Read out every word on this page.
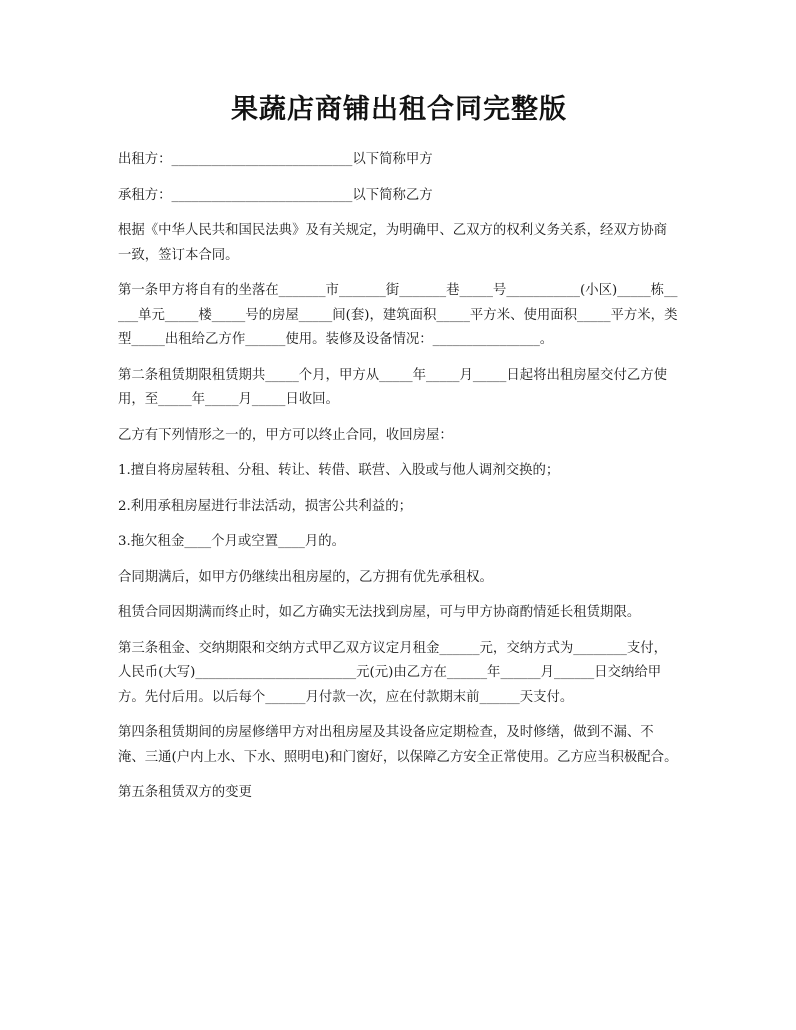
果蔬店商铺出租合同完整版

出租方：___________________________以下简称甲方

承租方：___________________________以下简称乙方

根据《中华人民共和国民法典》及有关规定，为明确甲、乙双方的权利义务关系，经双方协商一致，签订本合同。

第一条甲方将自有的坐落在_______市_______街_______巷_____号___________(小区)_____栋_____单元_____楼_____号的房屋_____间(套)，建筑面积_____平方米、使用面积_____平方米，类型_____出租给乙方作______使用。装修及设备情况：________________。

第二条租赁期限租赁期共_____个月，甲方从_____年_____月_____日起将出租房屋交付乙方使用，至_____年_____月_____日收回。

乙方有下列情形之一的，甲方可以终止合同，收回房屋：

1.擅自将房屋转租、分租、转让、转借、联营、入股或与他人调剂交换的；

2.利用承租房屋进行非法活动，损害公共利益的；

3.拖欠租金____个月或空置____月的。

合同期满后，如甲方仍继续出租房屋的，乙方拥有优先承租权。

租赁合同因期满而终止时，如乙方确实无法找到房屋，可与甲方协商酌情延长租赁期限。

第三条租金、交纳期限和交纳方式甲乙双方议定月租金______元，交纳方式为________支付，人民币(大写)________________________元(元)由乙方在______年______月______日交纳给甲方。先付后用。以后每个______月付款一次，应在付款期末前______天支付。

第四条租赁期间的房屋修缮甲方对出租房屋及其设备应定期检查，及时修缮，做到不漏、不淹、三通(户内上水、下水、照明电)和门窗好，以保障乙方安全正常使用。乙方应当积极配合。

第五条租赁双方的变更
